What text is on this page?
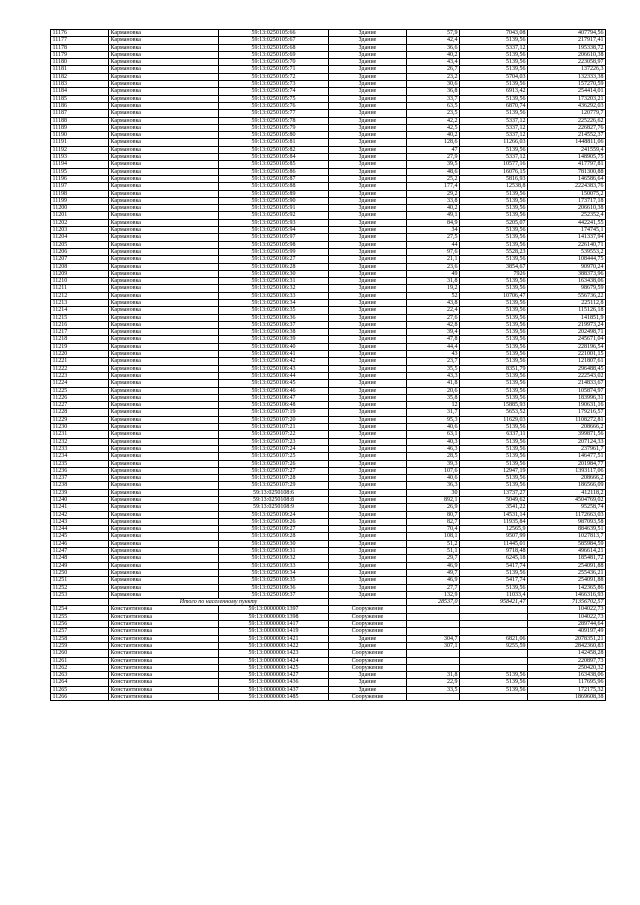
11176	Кармановка	59:13:0250105:66	Здание	57,9	7043,08	407794,56
11177	Кармановка	59:13:0250105:67	Здание	42,4	5139,56	217917,41
11178	Кармановка	59:13:0250105:68	Здание	36,6	5337,12	195338,72
11179	Кармановка	59:13:0250105:69	Здание	40,2	5139,56	206610,38
11180	Кармановка	59:13:0250105:70	Здание	43,4	5139,56	223058,97
11181	Кармановка	59:13:0250105:71	Здание	26,7	5139,56	137226,3
11182	Кармановка	59:13:0250105:72	Здание	23,2	5704,03	132333,38
11183	Кармановка	59:13:0250105:73	Здание	30,6	5139,56	157270,59
11184	Кармановка	59:13:0250105:74	Здание	36,8	6913,42	254414,01
11185	Кармановка	59:13:0250105:75	Здание	33,7	5139,56	173203,21
11186	Кармановка	59:13:0250105:76	Здание	63,5	6870,74	436292,03
11187	Кармановка	59:13:0250105:77	Здание	23,5	5139,56	120779,7
11188	Кармановка	59:13:0250105:78	Здание	42,2	5337,12	225226,62
11189	Кармановка	59:13:0250105:79	Здание	42,5	5337,12	226827,76
11190	Кармановка	59:13:0250105:80	Здание	40,2	5337,12	214552,37
11191	Кармановка	59:13:0250105:81	Здание	128,6	11266,03	1448811,06
11192	Кармановка	59:13:0250105:82	Здание	47	5139,56	241559,4
11193	Кармановка	59:13:0250105:84	Здание	27,9	5337,12	148905,75
11194	Кармановка	59:13:0250105:85	Здание	39,5	10577,16	417797,81
11195	Кармановка	59:13:0250105:86	Здание	48,6	16076,15	781300,88
11196	Кармановка	59:13:0250105:87	Здание	25,2	5816,93	146586,64
11197	Кармановка	59:13:0250105:88	Здание	177,4	12538,8	2224383,76
11198	Кармановка	59:13:0250105:89	Здание	29,2	5139,56	150075,2
11199	Кармановка	59:13:0250105:90	Здание	33,8	5139,56	173717,18
11200	Кармановка	59:13:0250105:91	Здание	40,2	5139,56	206610,38
11201	Кармановка	59:13:0250105:92	Здание	49,1	5139,56	252352,4
11202	Кармановка	59:13:0250105:93	Здание	84,9	5205,07	442241,55
11203	Кармановка	59:13:0250105:94	Здание	34	5139,56	174745,1
11204	Кармановка	59:13:0250105:97	Здание	27,5	5139,56	141337,94
11205	Кармановка	59:13:0250105:98	Здание	44	5139,56	226140,71
11206	Кармановка	59:13:0250105:99	Здание	97,6	5528,23	539553,2
11207	Кармановка	59:13:0250106:27	Здание	21,1	5139,56	108444,75
11208	Кармановка	59:13:0250106:28	Здание	23,6	3854,67	90970,24
11209	Кармановка	59:13:0250106:30	Здание	49	7926	388373,96
11210	Кармановка	59:13:0250106:31	Здание	31,8	5139,56	163438,06
11211	Кармановка	59:13:0250106:32	Здание	19,2	5139,56	98679,59
11212	Кармановка	59:13:0250106:33	Здание	52	10706,47	556736,22
11213	Кармановка	59:13:0250106:34	Здание	43,8	5139,56	225112,8
11214	Кармановка	59:13:0250106:35	Здание	22,4	5139,56	115126,18
11215	Кармановка	59:13:0250106:36	Здание	27,6	5139,56	141851,9
11216	Кармановка	59:13:0250106:37	Здание	42,8	5139,56	219973,24
11217	Кармановка	59:13:0250106:38	Здание	39,4	5139,56	202498,71
11218	Кармановка	59:13:0250106:39	Здание	47,8	5139,56	245671,04
11219	Кармановка	59:13:0250106:40	Здание	44,4	5139,56	228196,54
11220	Кармановка	59:13:0250106:41	Здание	43	5139,56	221001,15
11221	Кармановка	59:13:0250106:42	Здание	23,7	5139,56	121807,61
11222	Кармановка	59:13:0250106:43	Здание	35,5	8351,79	296488,45
11223	Кармановка	59:13:0250106:44	Здание	43,3	5139,56	222543,02
11224	Кармановка	59:13:0250106:45	Здание	41,8	5139,56	214833,67
11225	Кармановка	59:13:0250106:46	Здание	20,6	5139,56	105874,97
11226	Кармановка	59:13:0250106:47	Здание	35,8	5139,56	183996,31
11227	Кармановка	59:13:0250106:48	Здание	12	15885,93	190631,16
11228	Кармановка	59:13:0250107:19	Здание	31,7	5653,52	179216,57
11229	Кармановка	59:13:0250107:20	Здание	95,3	11629,03	1108272,81
11230	Кармановка	59:13:0250107:21	Здание	40,6	5139,56	208666,2
11231	Кармановка	59:13:0250107:22	Здание	63,1	6337,11	399871,56
11232	Кармановка	59:13:0250107:23	Здание	40,3	5139,56	207124,33
11233	Кармановка	59:13:0250107:24	Здание	46,3	5139,56	237961,7
11234	Кармановка	59:13:0250107:25	Здание	28,5	5139,56	146477,51
11235	Кармановка	59:13:0250107:26	Здание	39,3	5139,56	201984,77
11236	Кармановка	59:13:0250107:27	Здание	107,6	12947,19	1393117,06
11237	Кармановка	59:13:0250107:28	Здание	40,6	5139,56	208666,2
11238	Кармановка	59:13:0250107:29	Здание	36,3	5139,56	186566,09
11239	Кармановка	59:13:0250108:6	Здание	30	13737,27	412118,2
11240	Кармановка	59:13:0250108:8	Здание	892,1	5049,62	4504769,02
11241	Кармановка	59:13:0250108:9	Здание	26,9	3541,22	95258,74
11242	Кармановка	59:13:0250109:24	Здание	80,7	14531,14	1172663,03
11243	Кармановка	59:13:0250109:26	Здание	82,7	11935,84	987093,58
11244	Кармановка	59:13:0250109:27	Здание	70,4	12565,9	884639,51
11245	Кармановка	59:13:0250109:28	Здание	108,1	9507,99	1027813,7
11246	Кармановка	59:13:0250109:30	Здание	51,2	11445,01	585984,59
11247	Кармановка	59:13:0250109:31	Здание	51,1	9718,48	496614,21
11248	Кармановка	59:13:0250109:32	Здание	29,7	6245,18	185481,72
11249	Кармановка	59:13:0250109:33	Здание	46,9	5417,74	254091,88
11250	Кармановка	59:13:0250109:34	Здание	49,7	5139,56	255436,21
11251	Кармановка	59:13:0250109:35	Здание	46,9	5417,74	254091,88
11252	Кармановка	59:13:0250109:36	Здание	27,7	5139,56	142365,86
11253	Кармановка	59:13:0250109:37	Здание	132,9	11033,4	1466316,93
	Итого по населенному пункту			28537,0	958421,47	71356702,57
11254	Константиновка	59:13:0000000:1397	Сооружение			104022,73
11255	Константиновка	59:13:0000000:1398	Сооружение			104022,73
11256	Константиновка	59:13:0000000:1417	Сооружение			289744,64
11257	Константиновка	59:13:0000000:1419	Сооружение			409197,49
11258	Константиновка	59:13:0000000:1421	Здание	304,7	6821,06	2078351,21
11259	Константиновка	59:13:0000000:1422	Здание	307,1	9255,59	2842360,83
11260	Константиновка	59:13:0000000:1423	Сооружение			142458,28
11261	Константиновка	59:13:0000000:1424	Сооружение			220897,73
11262	Константиновка	59:13:0000000:1425	Сооружение			250420,32
11263	Константиновка	59:13:0000000:1427	Здание	31,8	5139,56	163438,06
11264	Константиновка	59:13:0000000:1436	Здание	22,9	5139,56	117695,96
11265	Константиновка	59:13:0000000:1437	Здание	33,5	5139,56	172175,32
11266	Константиновка	59:13:0000000:1485	Сооружение			1869608,38
